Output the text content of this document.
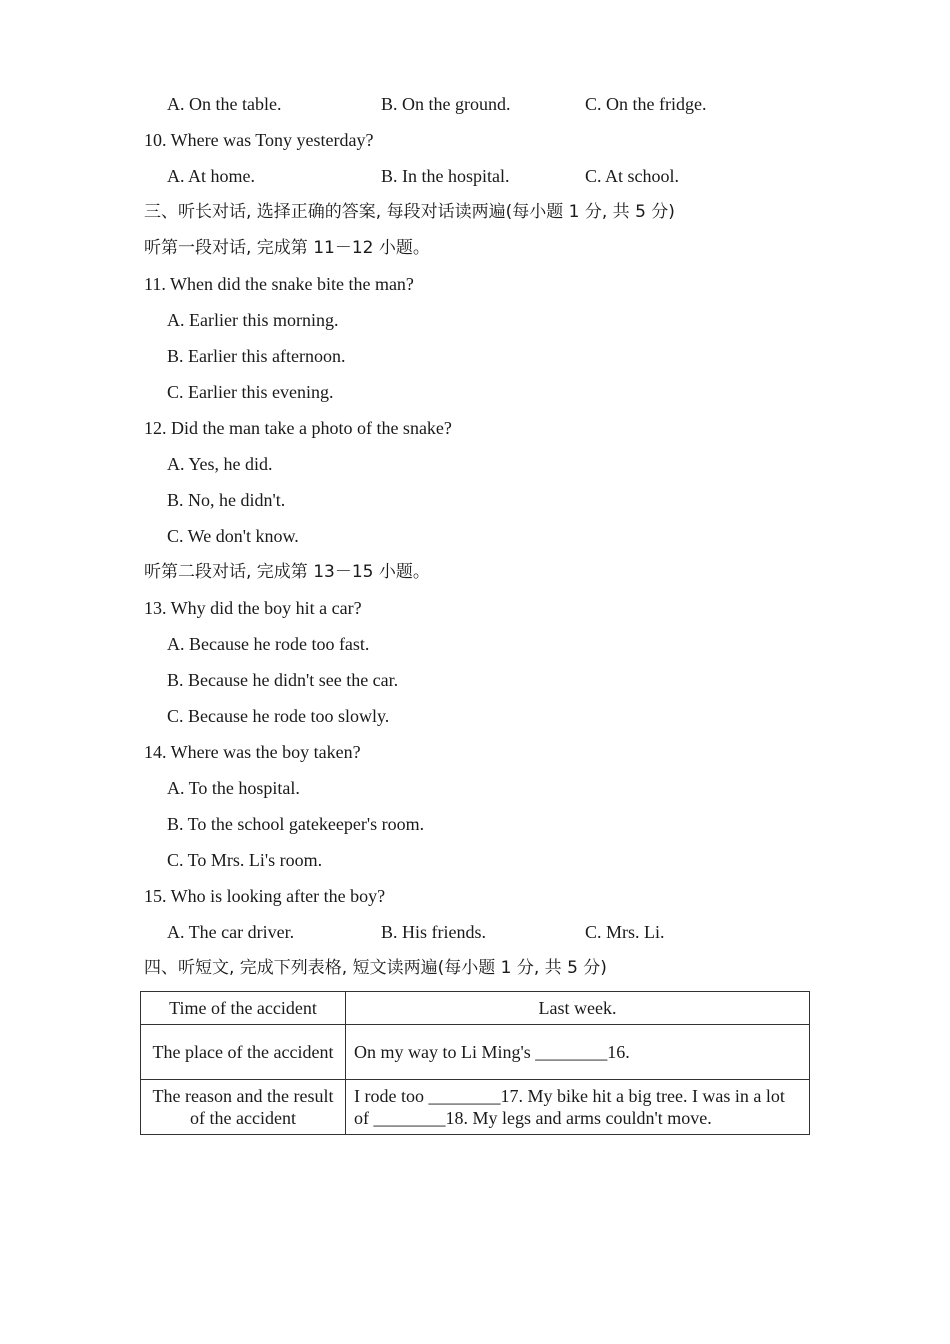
A. On the table.	B. On the ground.	C. On the fridge.
10. Where was Tony yesterday?
A. At home.	B. In the hospital.	C. At school.
三、听长对话, 选择正确的答案, 每段对话读两遍(每小题 1 分, 共 5 分)
听第一段对话, 完成第 11－12 小题。
11. When did the snake bite the man?
A. Earlier this morning.
B. Earlier this afternoon.
C. Earlier this evening.
12. Did the man take a photo of the snake?
A. Yes, he did.
B. No, he didn't.
C. We don't know.
听第二段对话, 完成第 13－15 小题。
13. Why did the boy hit a car?
A. Because he rode too fast.
B. Because he didn't see the car.
C. Because he rode too slowly.
14. Where was the boy taken?
A. To the hospital.
B. To the school gatekeeper's room.
C. To Mrs. Li's room.
15. Who is looking after the boy?
A. The car driver.	B. His friends.	C. Mrs. Li.
四、听短文, 完成下列表格, 短文读两遍(每小题 1 分, 共 5 分)
Time of the accident	Last week.
The place of the accident	On my way to Li Ming's ________16.
The reason and the result of the accident	I rode too ________17. My bike hit a big tree. I was in a lot of ________18. My legs and arms couldn't move.
